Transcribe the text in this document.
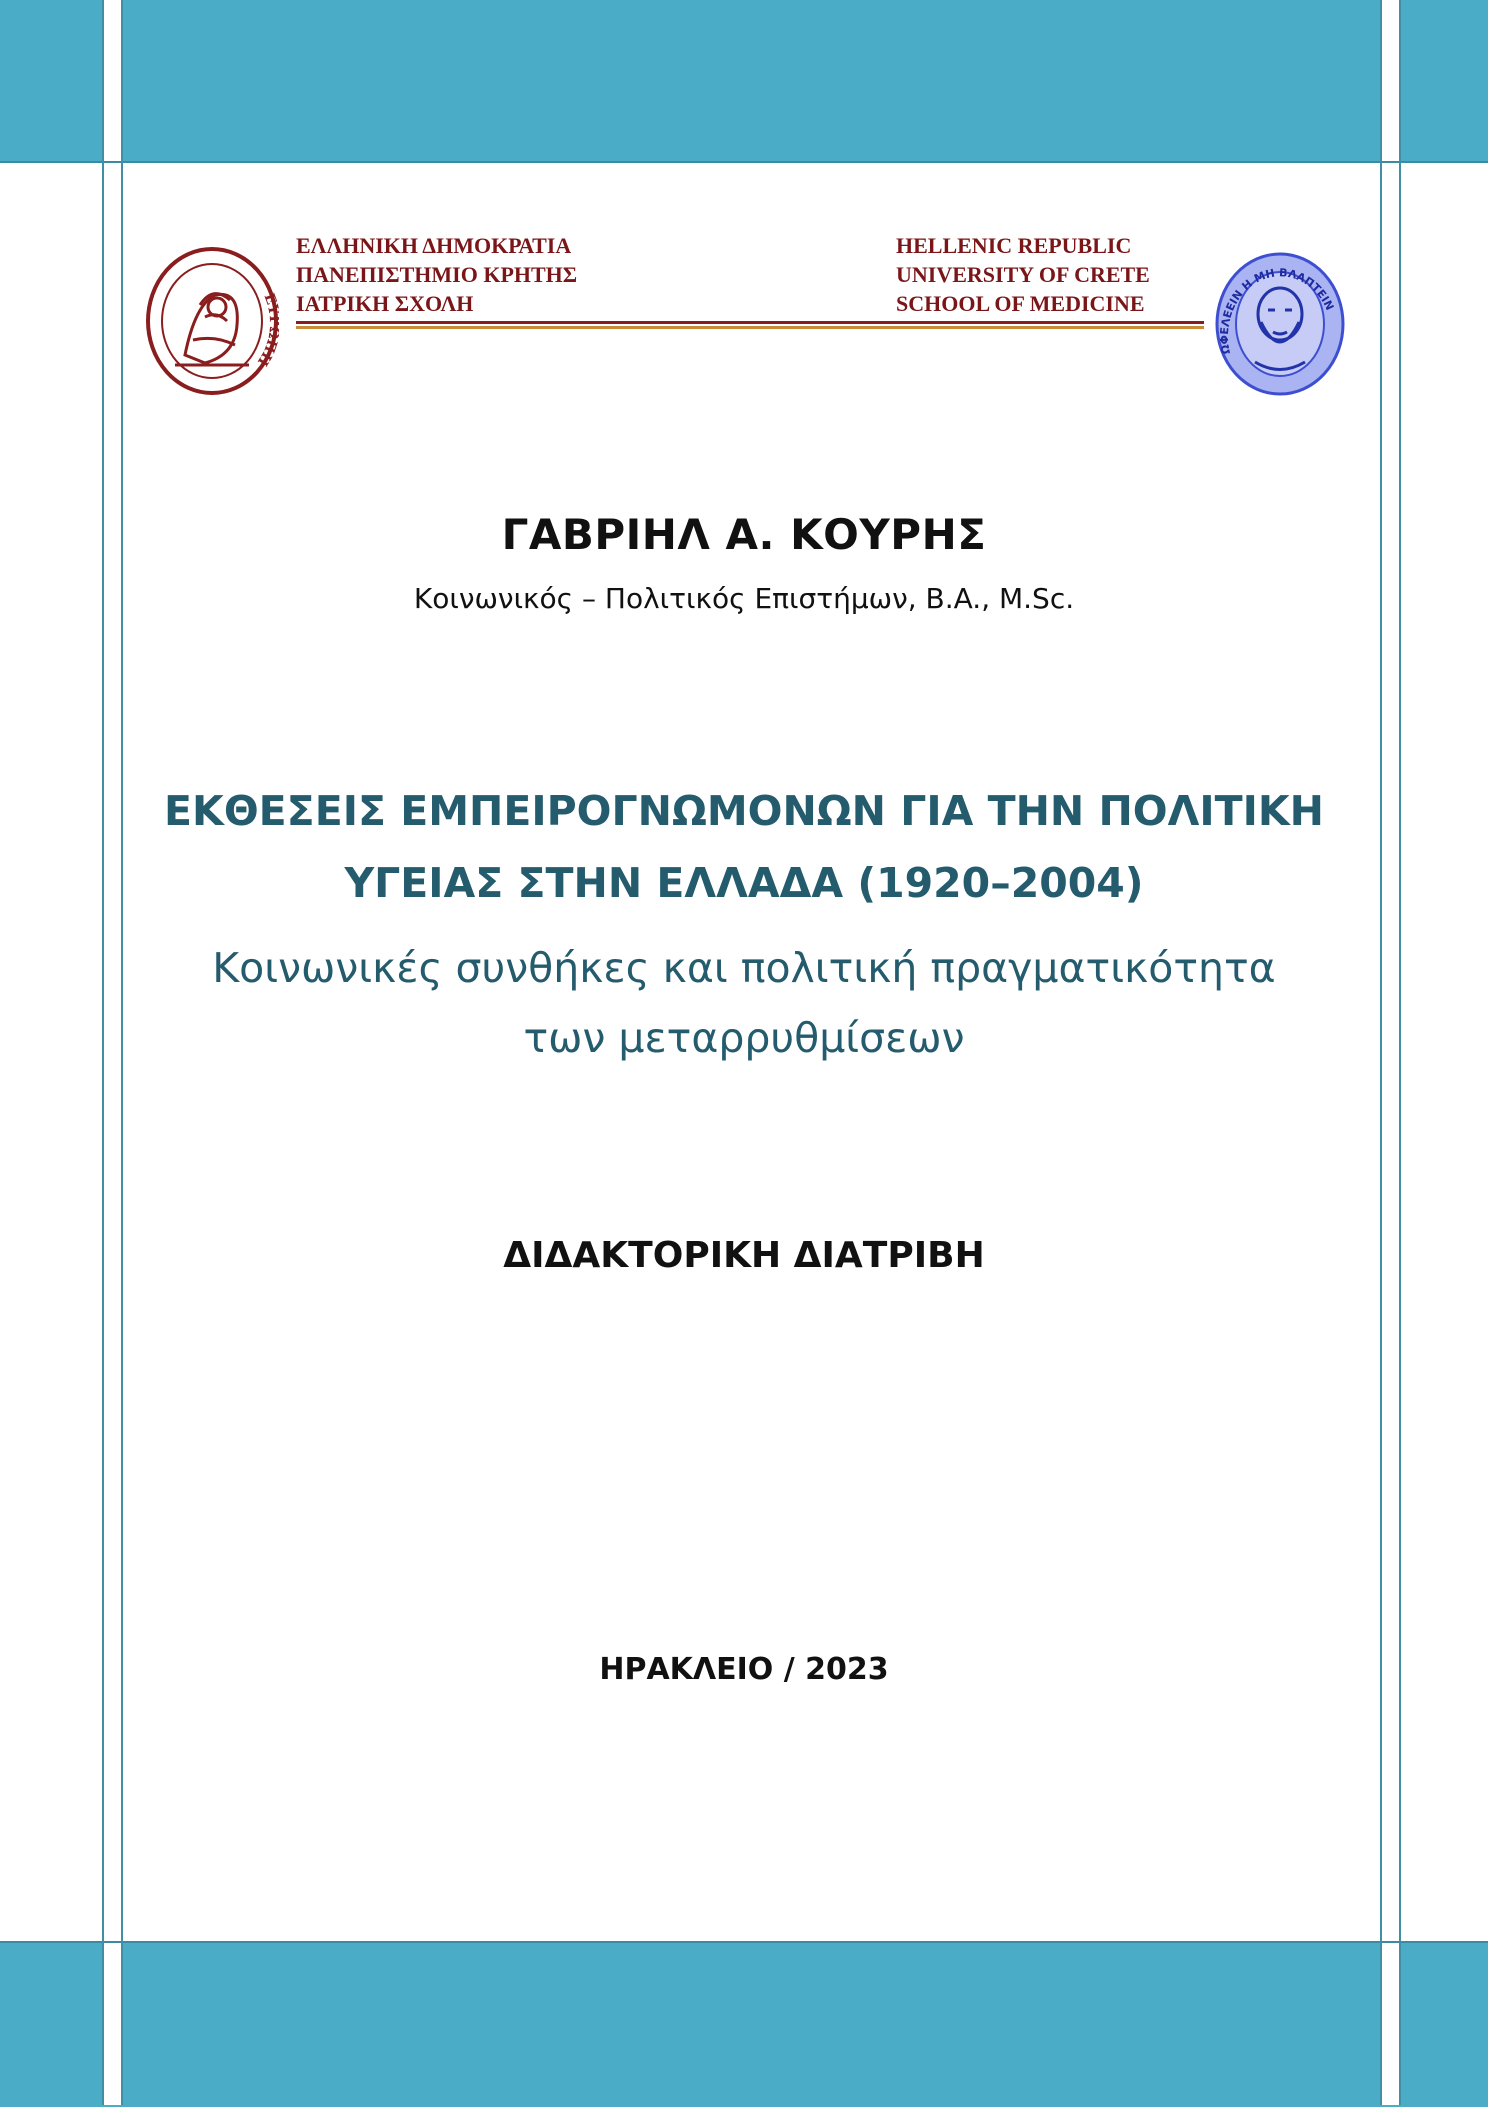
Ε ΠΗ
ΕΛΛΗΝΙΚΗ ΔΗΜΟΚΡΑΤΙΑ
ΠΑΝΕΠΙΣΤΗΜΙΟ ΚΡΗΤΗΣ
ΙΑΤΡΙΚΗ ΣΧΟΛΗ
HELLENIC REPUBLIC
UNIVERSITY OF CRETE
SCHOOL OF MEDICINE
ΩΦΕΛΕΕΙΝ Η ΜΗ ΒΛΑΠΤΕΙΝ
ΓΑΒΡΙΗΛ Α. ΚΟΥΡΗΣ
Κοινωνικός – Πολιτικός Επιστήμων, B.A., M.Sc.
ΕΚΘΕΣΕΙΣ ΕΜΠΕΙΡΟΓΝΩΜΟΝΩΝ ΓΙΑ ΤΗΝ ΠΟΛΙΤΙΚΗ
ΥΓΕΙΑΣ ΣΤΗΝ ΕΛΛΑΔΑ (1920–2004)
Κοινωνικές συνθήκες και πολιτική πραγματικότητα
των μεταρρυθμίσεων
ΔΙΔΑΚΤΟΡΙΚΗ ΔΙΑΤΡΙΒΗ
ΗΡΑΚΛΕΙΟ / 2023
